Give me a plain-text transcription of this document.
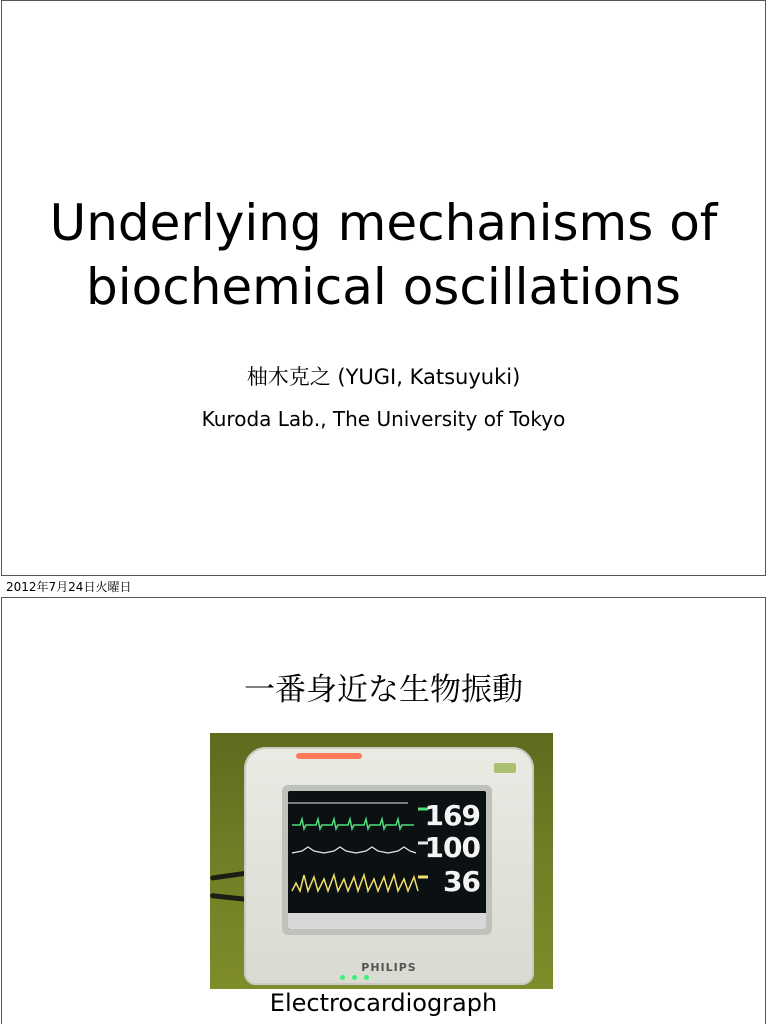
Underlying mechanisms of
biochemical oscillations
柚木克之 (YUGI, Katsuyuki)
Kuroda Lab., The University of Tokyo
2012年7月24日火曜日
一番身近な生物振動
169
100
36
PHILIPS
Electrocardiograph
